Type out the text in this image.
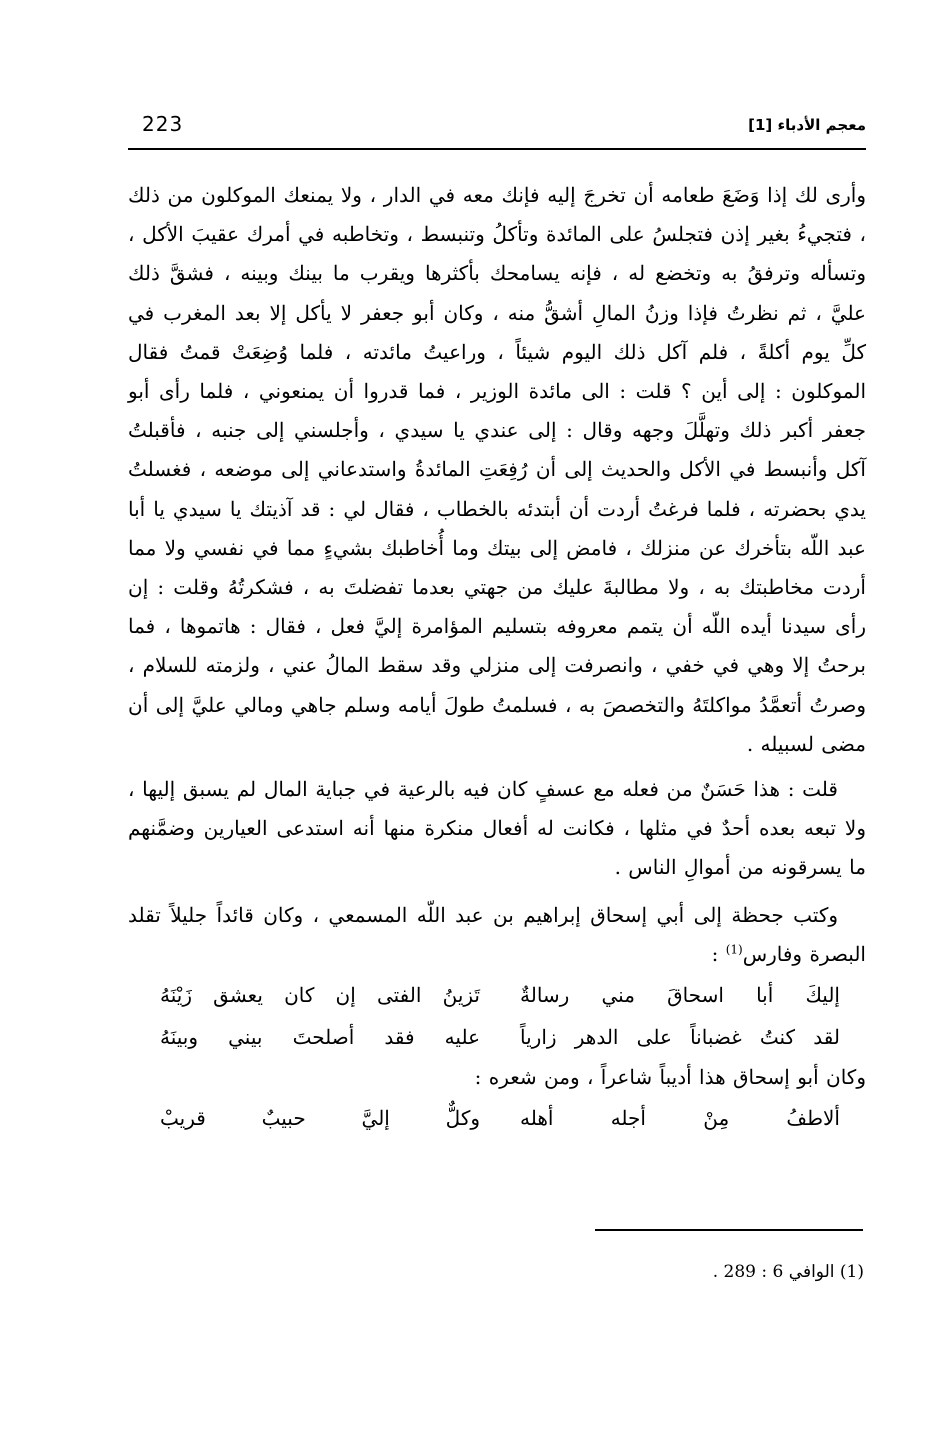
223	معجم الأدباء [1]

وأرى لك إذا وَضَعَ طعامه أن تخرجَ إليه فإنك معه في الدار ، ولا يمنعك الموكلون من ذلك ، فتجيءُ بغير إذن فتجلسُ على المائدة وتأكلُ وتنبسط ، وتخاطبه في أمرك عقيبَ الأكل ، وتسأله وترفقُ به وتخضع له ، فإنه يسامحك بأكثرها ويقرب ما بينك وبينه ، فشقَّ ذلك عليَّ ، ثم نظرتُ فإذا وزنُ المالِ أشقُّ منه ، وكان أبو جعفر لا يأكل إلا بعد المغرب في كلِّ يوم أكلةً ، فلم آكل ذلك اليوم شيئاً ، وراعيتُ مائدته ، فلما وُضِعَتْ قمتُ فقال الموكلون : إلى أين ؟ قلت : الى مائدة الوزير ، فما قدروا أن يمنعوني ، فلما رأى أبو جعفر أكبر ذلك وتهلَّلَ وجهه وقال : إلى عندي يا سيدي ، وأجلسني إلى جنبه ، فأقبلتُ آكل وأنبسط في الأكل والحديث إلى أن رُفِعَتِ المائدةُ واستدعاني إلى موضعه ، فغسلتُ يدي بحضرته ، فلما فرغتُ أردت أن أبتدئه بالخطاب ، فقال لي : قد آذيتك يا سيدي يا أبا عبد اللّه بتأخرك عن منزلك ، فامض إلى بيتك وما أُخاطبك بشيءٍ مما في نفسي ولا مما أردت مخاطبتك به ، ولا مطالبةَ عليك من جهتي بعدما تفضلتَ به ، فشكرتُهُ وقلت : إن رأى سيدنا أيده اللّه أن يتمم معروفه بتسليم المؤامرة إليَّ فعل ، فقال : هاتموها ، فما برحتُ إلا وهي في خفي ، وانصرفت إلى منزلي وقد سقط المالُ عني ، ولزمته للسلام ، وصرتُ أتعمَّدُ مواكلتَهُ والتخصصَ به ، فسلمتُ طولَ أيامه وسلم جاهي ومالي عليَّ إلى أن مضى لسبيله .

قلت : هذا حَسَنٌ من فعله مع عسفٍ كان فيه بالرعية في جباية المال لم يسبق إليها ، ولا تبعه بعده أحدٌ في مثلها ، فكانت له أفعال منكرة منها أنه استدعى العيارين وضمَّنهم ما يسرقونه من أموالِ الناس .

وكتب جحظة إلى أبي إسحاق إبراهيم بن عبد اللّه المسمعي ، وكان قائداً جليلاً تقلد البصرة وفارس$^{(1)}$ :

إليكَ أبا اسحاقَ مني رسالةٌ
تَزينُ الفتى إن كان يعشق زَيْنَهُ
لقد كنتُ غضباناً على الدهر زارياً
عليه فقد أصلحتَ بيني وبينَهُ

وكان أبو إسحاق هذا أديباً شاعراً ، ومن شعره :

ألاطفُ مِنْ أجله أهله
وكلٌّ إليَّ حبيبٌ قريبْ
(1) الوافي 6 : 289 .
